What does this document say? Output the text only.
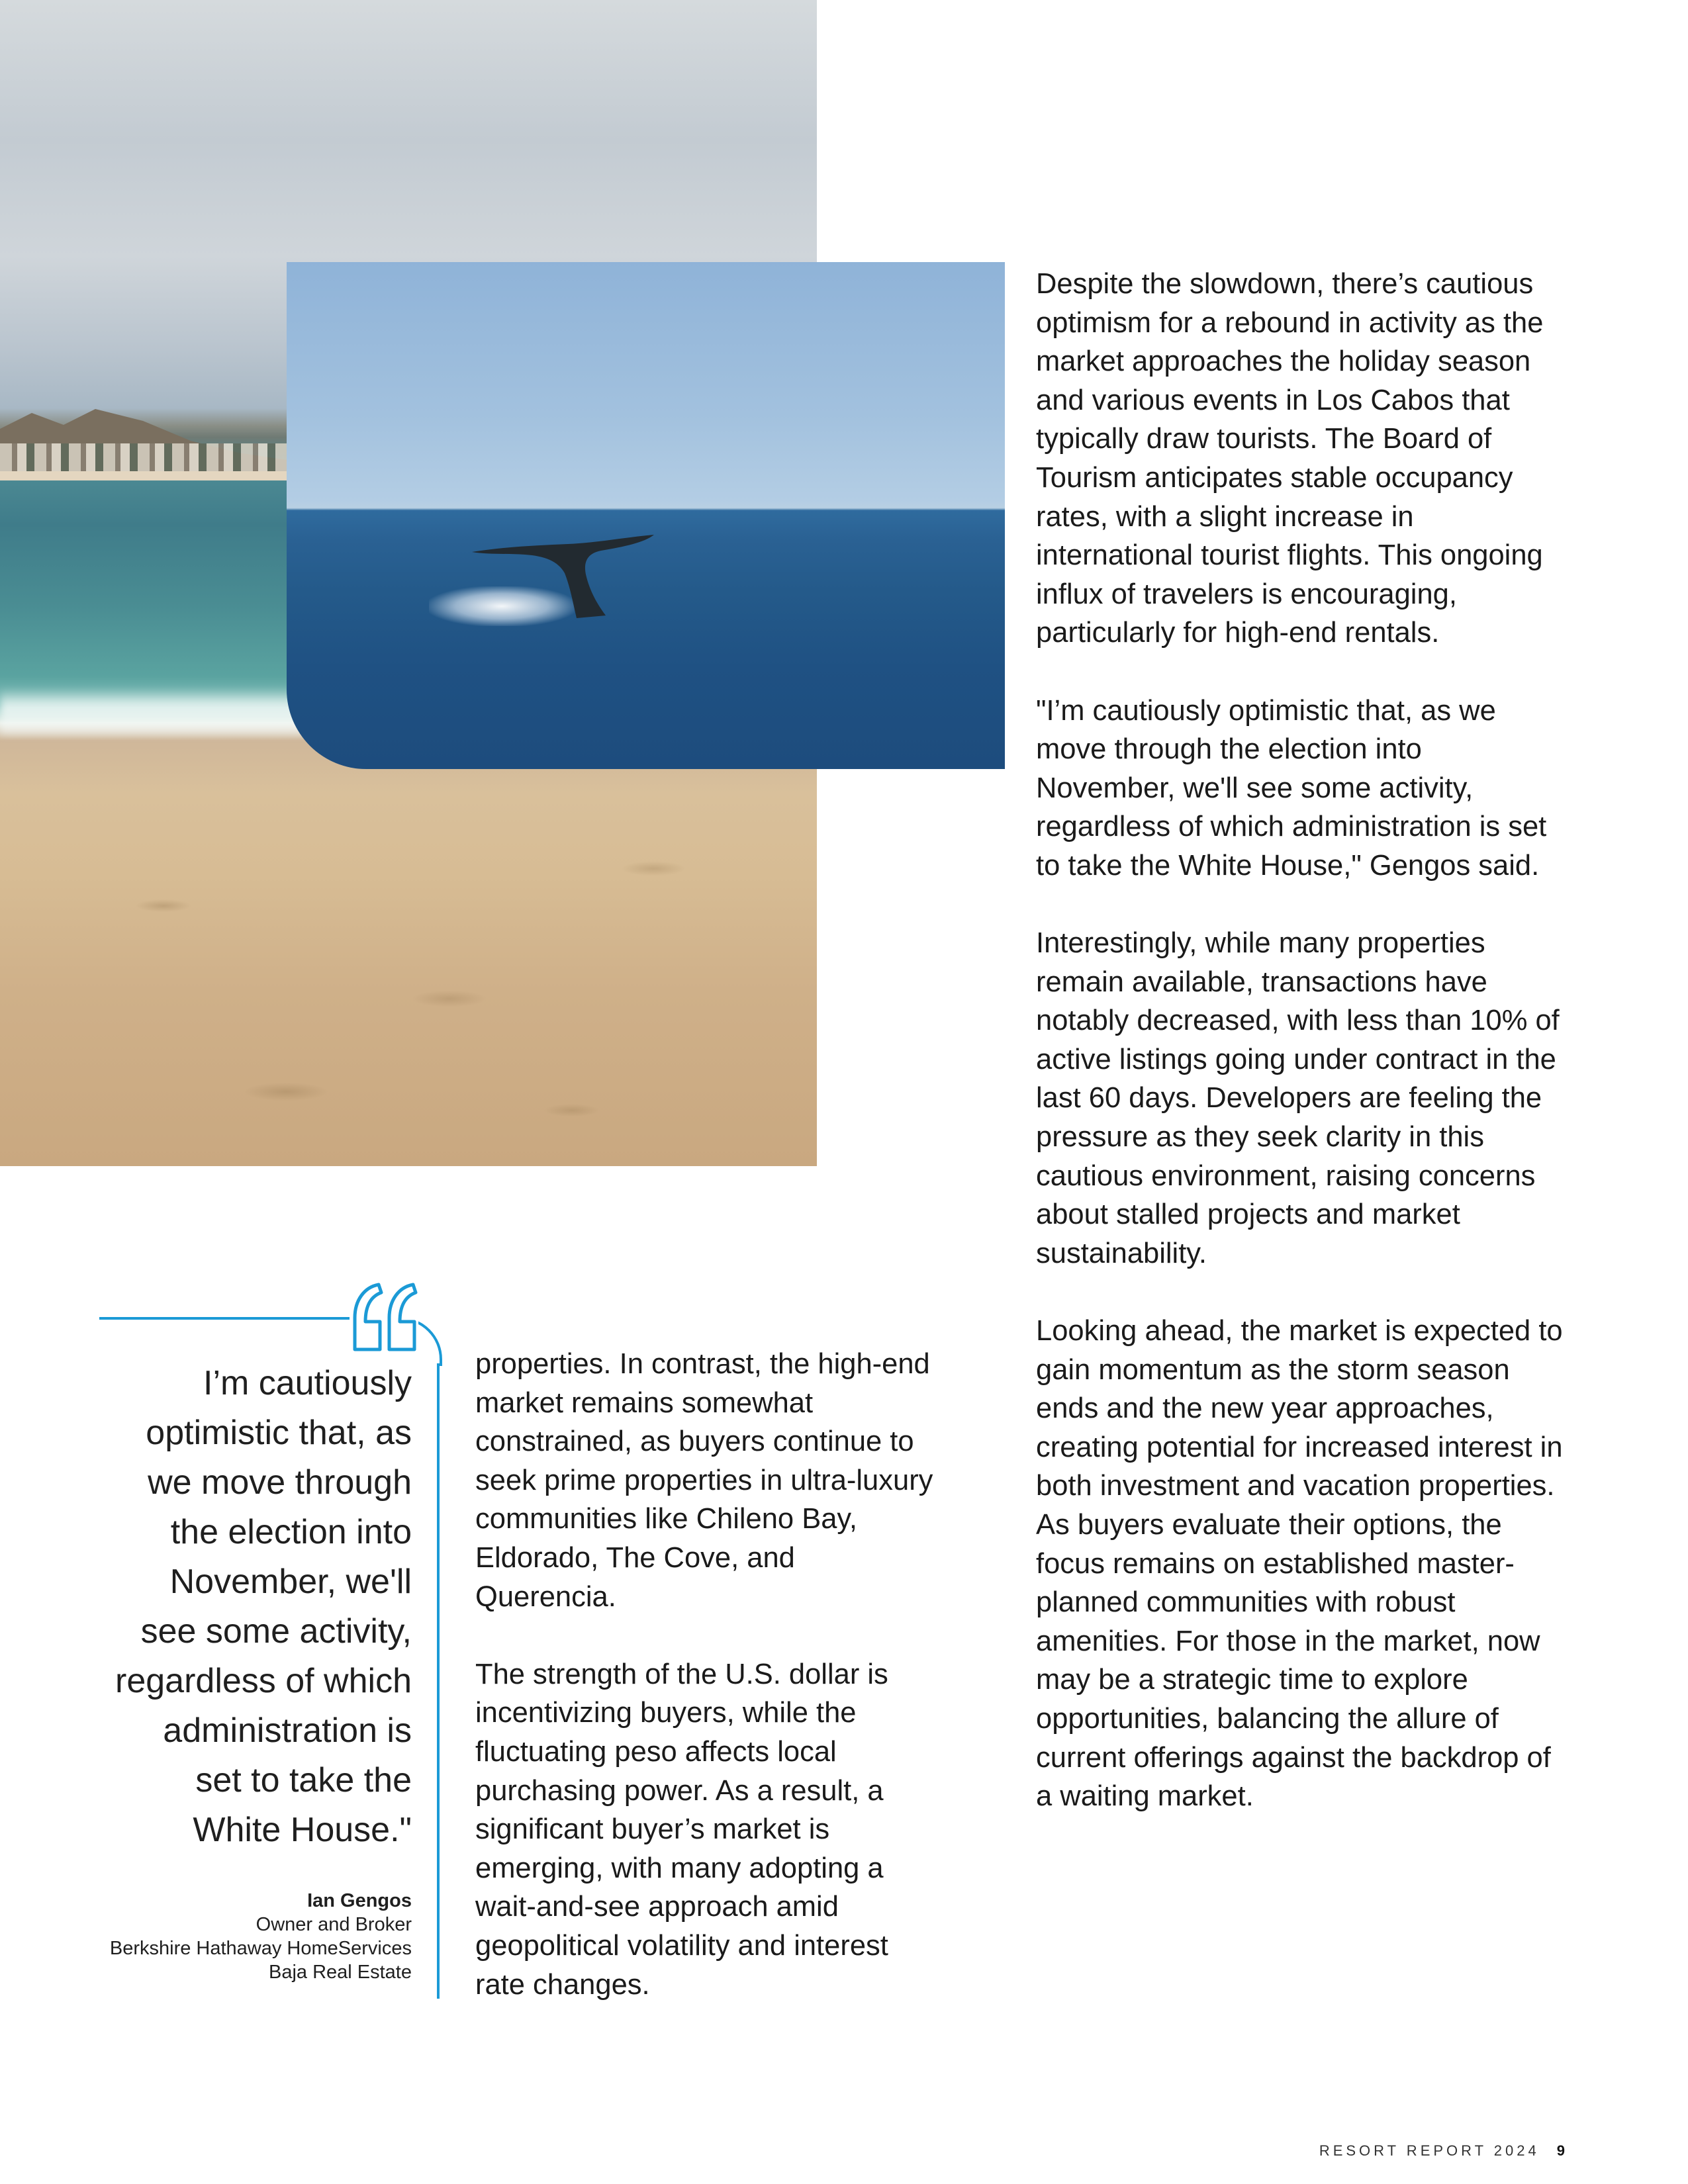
I’m cautiously
optimistic that, as
we move through
the election into
November, we'll
see some activity,
regardless of which
administration is
set to take the
White House."
Ian Gengos
Owner and Broker
Berkshire Hathaway HomeServices
Baja Real Estate

properties. In contrast, the high-end market remains somewhat constrained, as buyers continue to seek prime properties in ultra-luxury communities like Chileno Bay, Eldorado, The Cove, and Querencia.

The strength of the U.S. dollar is incentivizing buyers, while the fluctuating peso affects local purchasing power. As a result, a significant buyer’s market is emerging, with many adopting a wait-and-see approach amid geopolitical volatility and interest rate changes.

Despite the slowdown, there’s cautious optimism for a rebound in activity as the market approaches the holiday season and various events in Los Cabos that typically draw tourists. The Board of Tourism anticipates stable occupancy rates, with a slight increase in international tourist flights. This ongoing influx of travelers is encouraging, particularly for high-end rentals.

"I’m cautiously optimistic that, as we move through the election into November, we'll see some activity, regardless of which administration is set to take the White House," Gengos said.

Interestingly, while many properties remain available, transactions have notably decreased, with less than 10% of active listings going under contract in the last 60 days. Developers are feeling the pressure as they seek clarity in this cautious environment, raising concerns about stalled projects and market sustainability.

Looking ahead, the market is expected to gain momentum as the storm season ends and the new year approaches, creating potential for increased interest in both investment and vacation properties. As buyers evaluate their options, the focus remains on established master-planned communities with robust amenities. For those in the market, now may be a strategic time to explore opportunities, balancing the allure of current offerings against the backdrop of a waiting market.

RESORT REPORT 2024 9
